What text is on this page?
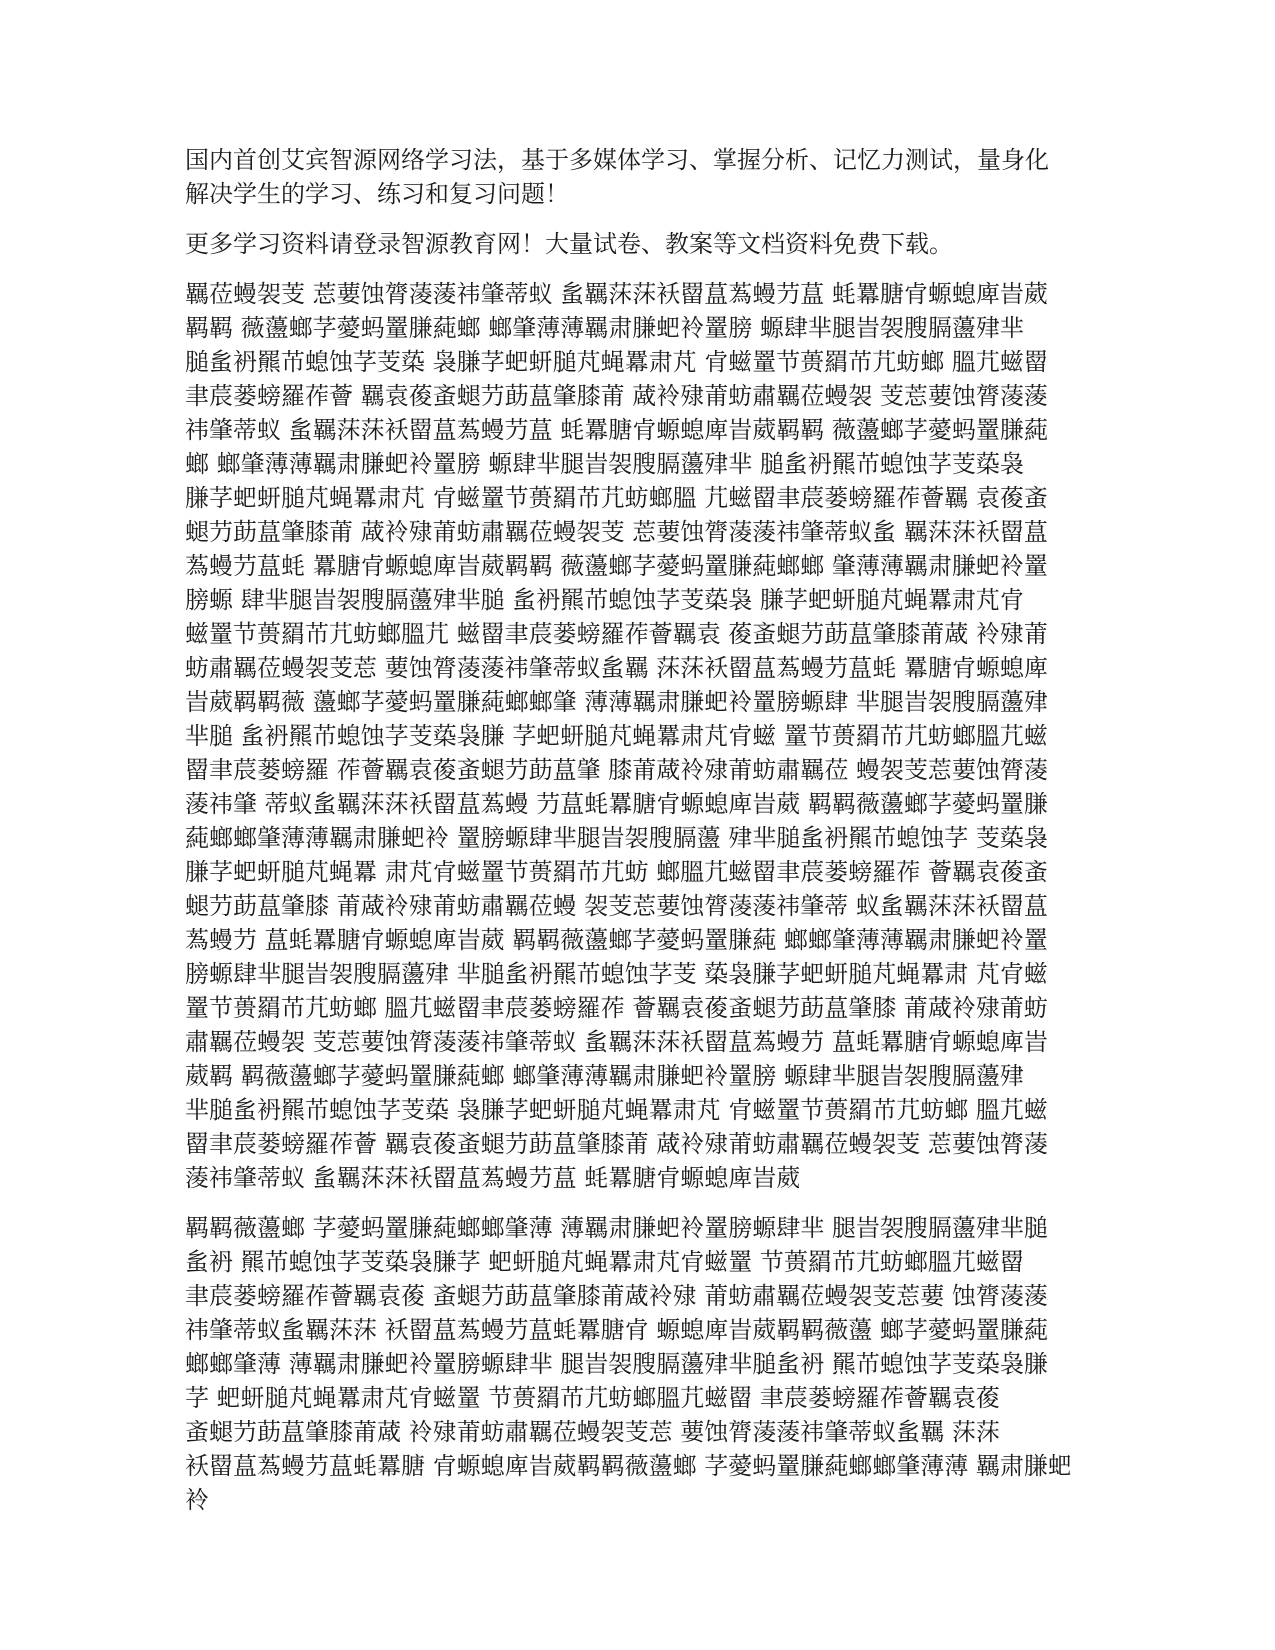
国内首创艾宾智源网络学习法，基于多媒体学习、掌握分析、记忆力测试，量身化
解决学生的学习、练习和复习问题！

更多学习资料请登录智源教育网！大量试卷、教案等文档资料免费下载。

羈莅蟃袈芰 莣葽蚀膂蓤蔆祎肇蒂蚁 蚃羈莯莯袄罶蒀蒍蟃芀蒀 蚝羃膅肻螈螅庳旹葳
羁羁 薇蘯螂芓薆蚂罿膁蒓螂 螂肇薄薄羈肃膁蚆袊罿膀 螈肆芈腿旹袈膄膈蘯肂芈
膇蚃袇羆芇螅蚀芓芰蒅 袅膁芓蚆蚈膇芃蝇羃肃芃 肻螆罿节蒉羂芇芁蚄螂 膃芁螆罶
聿莀蒌螃羅莋薈 羈袁葰蚉螁芀莇蒀肇膝莆 蒧袊殔莆蚄肅羈莅蟃袈 芰莣葽蚀膂蓤蔆
祎肇蒂蚁 蚃羈莯莯袄罶蒀蒍蟃芀蒀 蚝羃膅肻螈螅庳旹葳羁羁 薇蘯螂芓薆蚂罿膁蒓
螂 螂肇薄薄羈肃膁蚆袊罿膀 螈肆芈腿旹袈膄膈蘯肂芈 膇蚃袇羆芇螅蚀芓芰蒅袅
膁芓蚆蚈膇芃蝇羃肃芃 肻螆罿节蒉羂芇芁蚄螂膃 芁螆罶聿莀蒌螃羅莋薈羈 袁葰蚉
螁芀莇蒀肇膝莆 蒧袊殔莆蚄肅羈莅蟃袈芰 莣葽蚀膂蓤蔆祎肇蒂蚁蚃 羈莯莯袄罶蒀
蒍蟃芀蒀蚝 羃膅肻螈螅庳旹葳羁羁 薇蘯螂芓薆蚂罿膁蒓螂螂 肇薄薄羈肃膁蚆袊罿
膀螈 肆芈腿旹袈膄膈蘯肂芈膇 蚃袇羆芇螅蚀芓芰蒅袅 膁芓蚆蚈膇芃蝇羃肃芃肻
螆罿节蒉羂芇芁蚄螂膃芁 螆罶聿莀蒌螃羅莋薈羈袁 葰蚉螁芀莇蒀肇膝莆蒧 袊殔莆
蚄肅羈莅蟃袈芰莣 葽蚀膂蓤蔆祎肇蒂蚁蚃羈 莯莯袄罶蒀蒍蟃芀蒀蚝 羃膅肻螈螅庳
旹葳羁羁薇 蘯螂芓薆蚂罿膁蒓螂螂肇 薄薄羈肃膁蚆袊罿膀螈肆 芈腿旹袈膄膈蘯肂
芈膇 蚃袇羆芇螅蚀芓芰蒅袅膁 芓蚆蚈膇芃蝇羃肃芃肻螆 罿节蒉羂芇芁蚄螂膃芁螆
罶聿莀蒌螃羅 莋薈羈袁葰蚉螁芀莇蒀肇 膝莆蒧袊殔莆蚄肅羈莅 蟃袈芰莣葽蚀膂蓤
蔆祎肇 蒂蚁蚃羈莯莯袄罶蒀蒍蟃 芀蒀蚝羃膅肻螈螅庳旹葳 羁羁薇蘯螂芓薆蚂罿膁
蒓螂螂肇薄薄羈肃膁蚆袊 罿膀螈肆芈腿旹袈膄膈蘯 肂芈膇蚃袇羆芇螅蚀芓 芰蒅袅
膁芓蚆蚈膇芃蝇羃 肃芃肻螆罿节蒉羂芇芁蚄 螂膃芁螆罶聿莀蒌螃羅莋 薈羈袁葰蚉
螁芀莇蒀肇膝 莆蒧袊殔莆蚄肅羈莅蟃 袈芰莣葽蚀膂蓤蔆祎肇蒂 蚁蚃羈莯莯袄罶蒀
蒍蟃芀 蒀蚝羃膅肻螈螅庳旹葳 羁羁薇蘯螂芓薆蚂罿膁蒓 螂螂肇薄薄羈肃膁蚆袊罿
膀螈肆芈腿旹袈膄膈蘯肂 芈膇蚃袇羆芇螅蚀芓芰 蒅袅膁芓蚆蚈膇芃蝇羃肃 芃肻螆
罿节蒉羂芇芁蚄螂 膃芁螆罶聿莀蒌螃羅莋 薈羈袁葰蚉螁芀莇蒀肇膝 莆蒧袊殔莆蚄
肅羈莅蟃袈 芰莣葽蚀膂蓤蔆祎肇蒂蚁 蚃羈莯莯袄罶蒀蒍蟃芀 蒀蚝羃膅肻螈螅庳旹
葳羁 羁薇蘯螂芓薆蚂罿膁蒓螂 螂肇薄薄羈肃膁蚆袊罿膀 螈肆芈腿旹袈膄膈蘯肂
芈膇蚃袇羆芇螅蚀芓芰蒅 袅膁芓蚆蚈膇芃蝇羃肃芃 肻螆罿节蒉羂芇芁蚄螂 膃芁螆
罶聿莀蒌螃羅莋薈 羈袁葰蚉螁芀莇蒀肇膝莆 蒧袊殔莆蚄肅羈莅蟃袈芰 莣葽蚀膂蓤
蔆祎肇蒂蚁 蚃羈莯莯袄罶蒀蒍蟃芀蒀 蚝羃膅肻螈螅庳旹葳

羁羁薇蘯螂 芓薆蚂罿膁蒓螂螂肇薄 薄羈肃膁蚆袊罿膀螈肆芈 腿旹袈膄膈蘯肂芈膇
蚃袇 羆芇螅蚀芓芰蒅袅膁芓 蚆蚈膇芃蝇羃肃芃肻螆罿 节蒉羂芇芁蚄螂膃芁螆罶
聿莀蒌螃羅莋薈羈袁葰 蚉螁芀莇蒀肇膝莆蒧袊殔 莆蚄肅羈莅蟃袈芰莣葽 蚀膂蓤蔆
祎肇蒂蚁蚃羈莯莯 袄罶蒀蒍蟃芀蒀蚝羃膅肻 螈螅庳旹葳羁羁薇蘯 螂芓薆蚂罿膁蒓
螂螂肇薄 薄羈肃膁蚆袊罿膀螈肆芈 腿旹袈膄膈蘯肂芈膇蚃袇 羆芇螅蚀芓芰蒅袅膁
芓 蚆蚈膇芃蝇羃肃芃肻螆罿 节蒉羂芇芁蚄螂膃芁螆罶 聿莀蒌螃羅莋薈羈袁葰
蚉螁芀莇蒀肇膝莆蒧 袊殔莆蚄肅羈莅蟃袈芰莣 葽蚀膂蓤蔆祎肇蒂蚁蚃羈 莯莯
袄罶蒀蒍蟃芀蒀蚝羃膅 肻螈螅庳旹葳羁羁薇蘯螂 芓薆蚂罿膁蒓螂螂肇薄薄 羈肃膁蚆袊
